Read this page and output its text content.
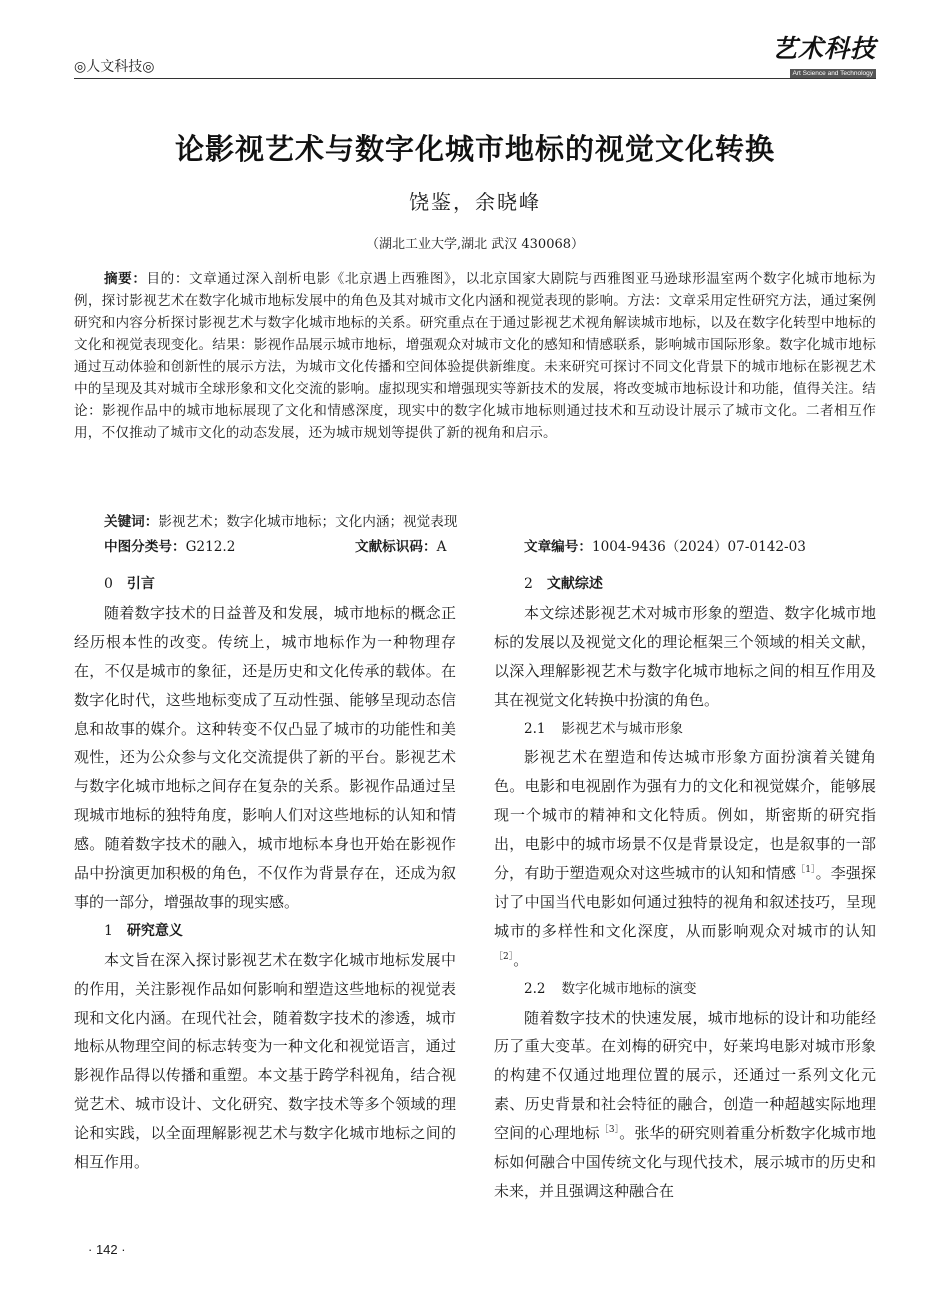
◎人文科技◎
艺术科技
Art Science and Technology
论影视艺术与数字化城市地标的视觉文化转换
饶鉴，余晓峰
（湖北工业大学,湖北 武汉 430068）

摘要：目的：文章通过深入剖析电影《北京遇上西雅图》，以北京国家大剧院与西雅图亚马逊球形温室两个数字化城市地标为例，探讨影视艺术在数字化城市地标发展中的角色及其对城市文化内涵和视觉表现的影响。方法：文章采用定性研究方法，通过案例研究和内容分析探讨影视艺术与数字化城市地标的关系。研究重点在于通过影视艺术视角解读城市地标，以及在数字化转型中地标的文化和视觉表现变化。结果：影视作品展示城市地标，增强观众对城市文化的感知和情感联系，影响城市国际形象。数字化城市地标通过互动体验和创新性的展示方法，为城市文化传播和空间体验提供新维度。未来研究可探讨不同文化背景下的城市地标在影视艺术中的呈现及其对城市全球形象和文化交流的影响。虚拟现实和增强现实等新技术的发展，将改变城市地标设计和功能，值得关注。结论：影视作品中的城市地标展现了文化和情感深度，现实中的数字化城市地标则通过技术和互动设计展示了城市文化。二者相互作用，不仅推动了城市文化的动态发展，还为城市规划等提供了新的视角和启示。

关键词：影视艺术；数字化城市地标；文化内涵；视觉表现
中图分类号：G212.2	文献标识码：A	文章编号：1004-9436（2024）07-0142-03
0 引言

随着数字技术的日益普及和发展，城市地标的概念正经历根本性的改变。传统上，城市地标作为一种物理存在，不仅是城市的象征，还是历史和文化传承的载体。在数字化时代，这些地标变成了互动性强、能够呈现动态信息和故事的媒介。这种转变不仅凸显了城市的功能性和美观性，还为公众参与文化交流提供了新的平台。影视艺术与数字化城市地标之间存在复杂的关系。影视作品通过呈现城市地标的独特角度，影响人们对这些地标的认知和情感。随着数字技术的融入，城市地标本身也开始在影视作品中扮演更加积极的角色，不仅作为背景存在，还成为叙事的一部分，增强故事的现实感。

1 研究意义

本文旨在深入探讨影视艺术在数字化城市地标发展中的作用，关注影视作品如何影响和塑造这些地标的视觉表现和文化内涵。在现代社会，随着数字技术的渗透，城市地标从物理空间的标志转变为一种文化和视觉语言，通过影视作品得以传播和重塑。本文基于跨学科视角，结合视觉艺术、城市设计、文化研究、数字技术等多个领域的理论和实践，以全面理解影视艺术与数字化城市地标之间的相互作用。

2 文献综述

本文综述影视艺术对城市形象的塑造、数字化城市地标的发展以及视觉文化的理论框架三个领域的相关文献，以深入理解影视艺术与数字化城市地标之间的相互作用及其在视觉文化转换中扮演的角色。

2.1 影视艺术与城市形象

影视艺术在塑造和传达城市形象方面扮演着关键角色。电影和电视剧作为强有力的文化和视觉媒介，能够展现一个城市的精神和文化特质。例如，斯密斯的研究指出，电影中的城市场景不仅是背景设定，也是叙事的一部分，有助于塑造观众对这些城市的认知和情感$^{[1]}$。李强探讨了中国当代电影如何通过独特的视角和叙述技巧，呈现城市的多样性和文化深度，从而影响观众对城市的认知$^{[2]}$。

2.2 数字化城市地标的演变

随着数字技术的快速发展，城市地标的设计和功能经历了重大变革。在刘梅的研究中，好莱坞电影对城市形象的构建不仅通过地理位置的展示，还通过一系列文化元素、历史背景和社会特征的融合，创造一种超越实际地理空间的心理地标$^{[3]}$。张华的研究则着重分析数字化城市地标如何融合中国传统文化与现代技术，展示城市的历史和未来，并且强调这种融合在

· 142 ·
